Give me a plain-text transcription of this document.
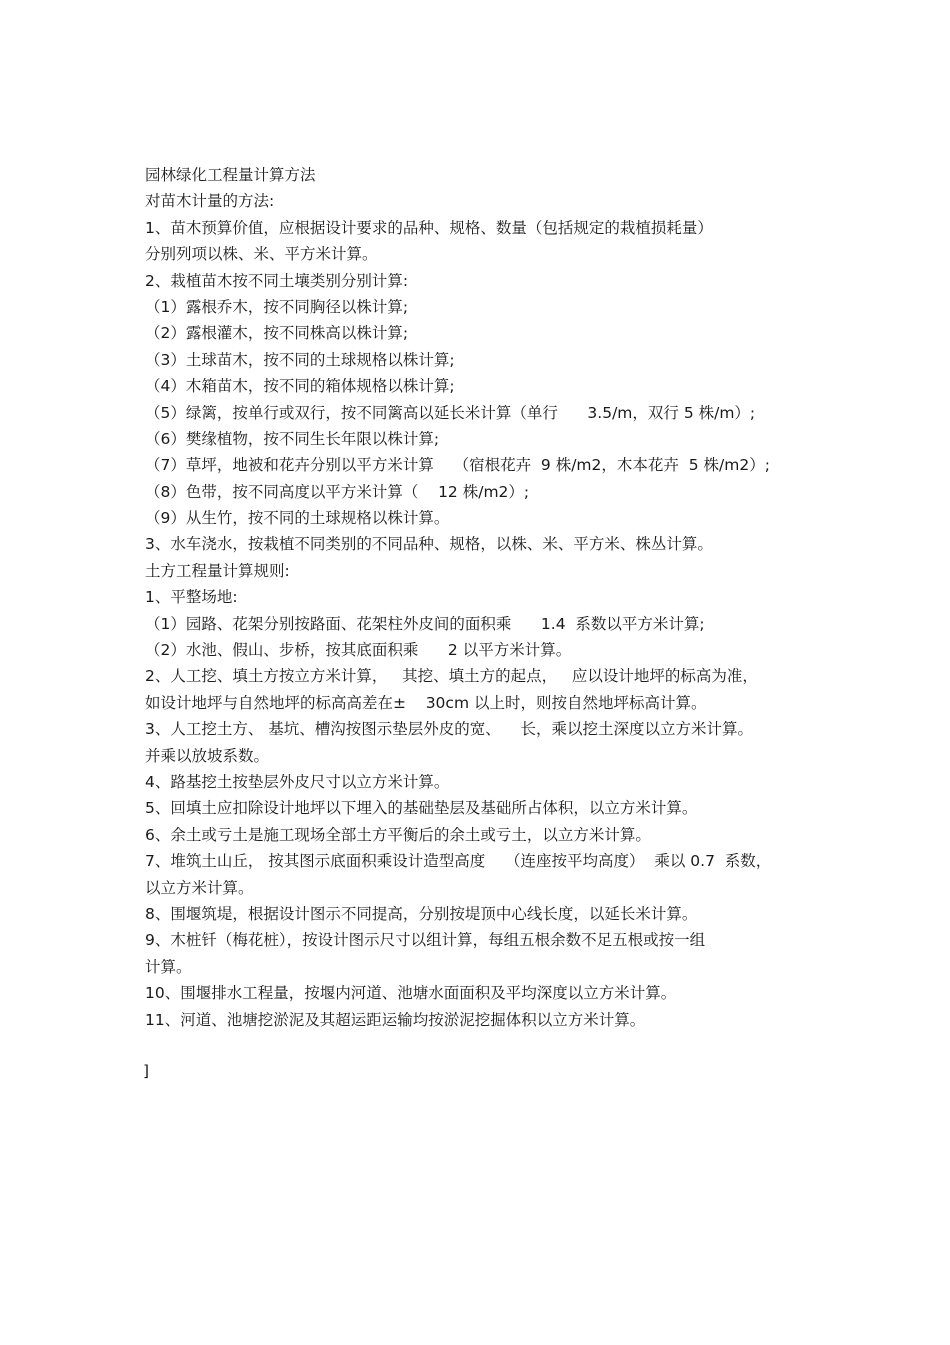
园林绿化工程量计算方法
对苗木计量的方法:
1、苗木预算价值，应根据设计要求的品种、规格、数量（包括规定的栽植损耗量）
分别列项以株、米、平方米计算。
2、栽植苗木按不同土壤类别分别计算:
（1）露根乔木，按不同胸径以株计算;
（2）露根灌木，按不同株高以株计算;
（3）土球苗木，按不同的土球规格以株计算;
（4）木箱苗木，按不同的箱体规格以株计算;
（5）绿篱，按单行或双行，按不同篱高以延长米计算（单行      3.5/m，双行 5 株/m）;
（6）樊缘植物，按不同生长年限以株计算;
（7）草坪，地被和花卉分别以平方米计算    （宿根花卉  9 株/m2，木本花卉  5 株/m2）;
（8）色带，按不同高度以平方米计算（    12 株/m2）;
（9）从生竹，按不同的土球规格以株计算。
3、水车浇水，按栽植不同类别的不同品种、规格，以株、米、平方米、株丛计算。
土方工程量计算规则:
1、平整场地:
（1）园路、花架分别按路面、花架柱外皮间的面积乘      1.4  系数以平方米计算;
（2）水池、假山、步桥，按其底面积乘      2 以平方米计算。
2、人工挖、填土方按立方米计算，   其挖、填土方的起点，   应以设计地坪的标高为准，
如设计地坪与自然地坪的标高高差在±    30cm 以上时，则按自然地坪标高计算。
3、人工挖土方、 基坑、槽沟按图示垫层外皮的宽、    长，乘以挖土深度以立方米计算。
并乘以放坡系数。
4、路基挖土按垫层外皮尺寸以立方米计算。
5、回填土应扣除设计地坪以下埋入的基础垫层及基础所占体积，以立方米计算。
6、余土或亏土是施工现场全部土方平衡后的余土或亏土，以立方米计算。
7、堆筑土山丘， 按其图示底面积乘设计造型高度    （连座按平均高度）  乘以 0.7  系数，
以立方米计算。
8、围堰筑堤，根据设计图示不同提高，分别按堤顶中心线长度，以延长米计算。
9、木桩钎（梅花桩），按设计图示尺寸以组计算，每组五根余数不足五根或按一组
计算。
10、围堰排水工程量，按堰内河道、池塘水面面积及平均深度以立方米计算。
11、河道、池塘挖淤泥及其超运距运输均按淤泥挖掘体积以立方米计算。
]
